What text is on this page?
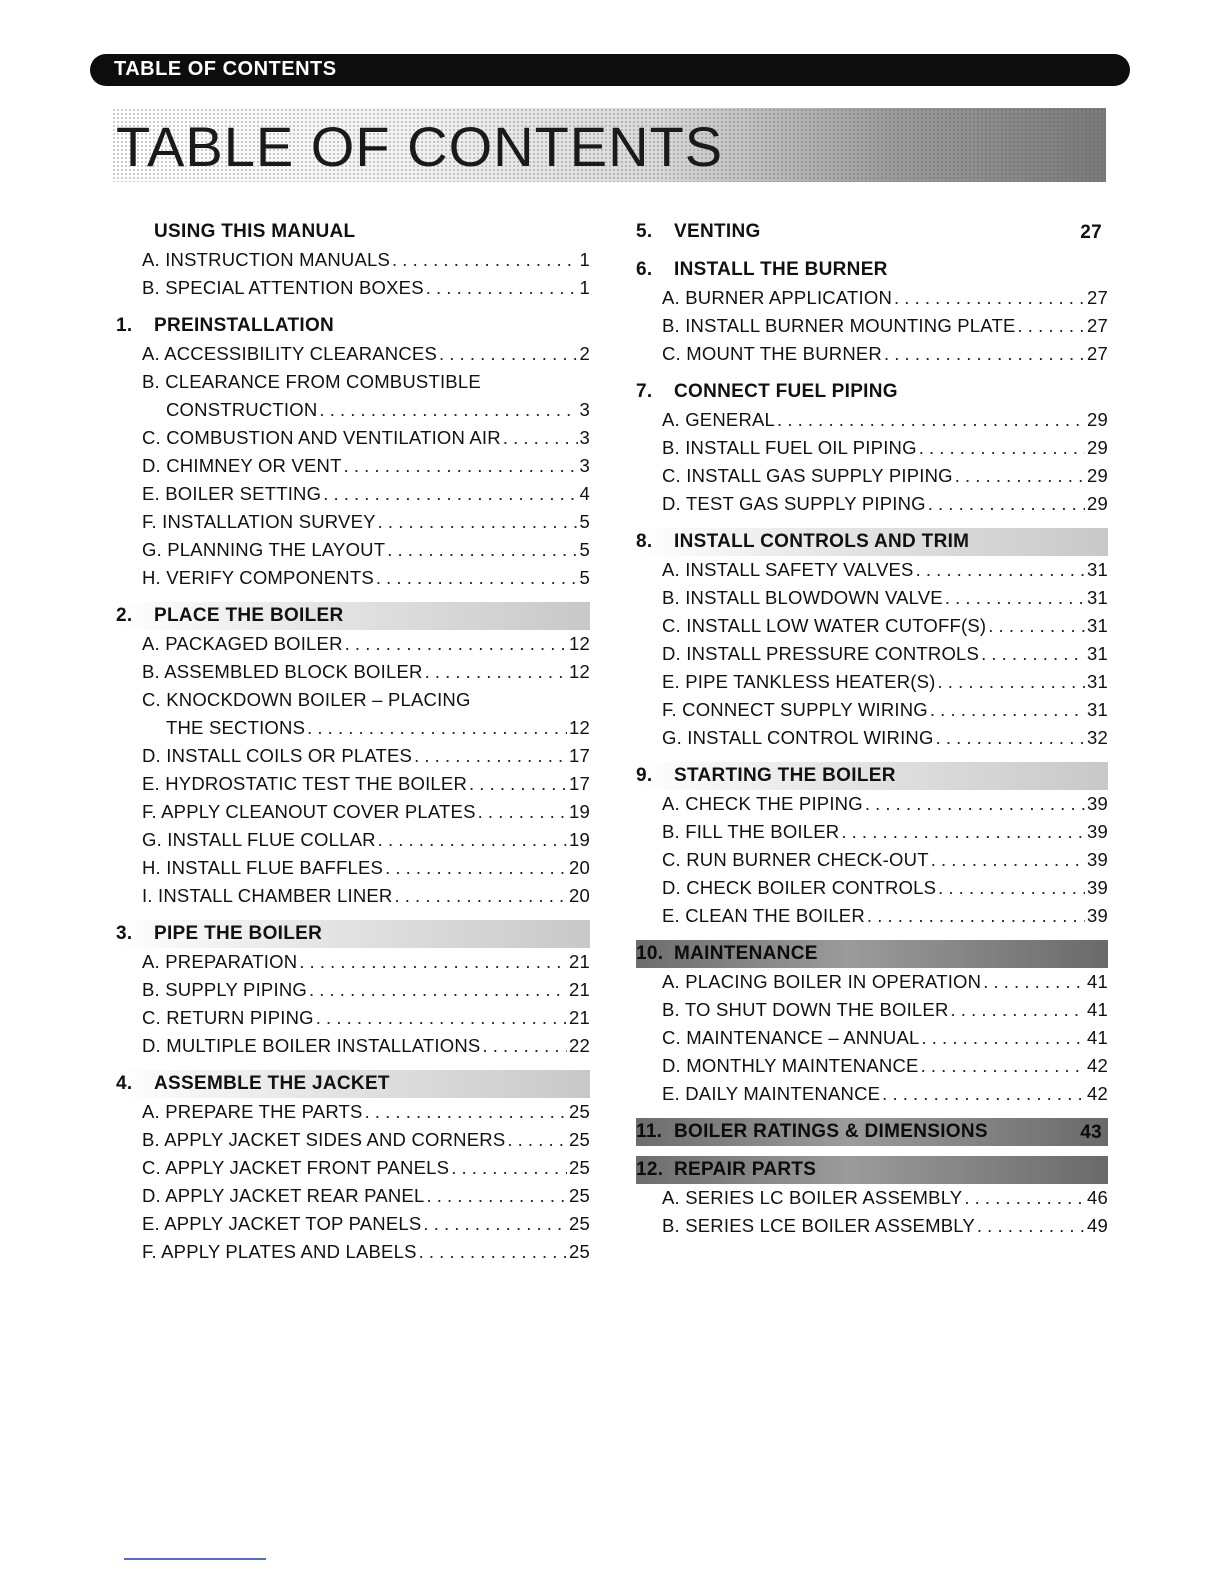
TABLE OF CONTENTS
TABLE OF CONTENTS
USING THIS MANUAL
A. INSTRUCTION MANUALS . . .	1
B. SPECIAL ATTENTION BOXES . . .	1
1.	PREINSTALLATION
A. ACCESSIBILITY CLEARANCES . . .	2
B. CLEARANCE FROM COMBUSTIBLE
CONSTRUCTION . . .	3
C. COMBUSTION AND VENTILATION AIR . . .	3
D. CHIMNEY OR VENT . . .	3
E. BOILER SETTING . . .	4
F. INSTALLATION SURVEY . . .	5
G. PLANNING THE LAYOUT . . .	5
H. VERIFY COMPONENTS . . .	5
2.	PLACE THE BOILER
A. PACKAGED BOILER . . .	12
B. ASSEMBLED BLOCK BOILER . . .	12
C. KNOCKDOWN BOILER – PLACING
THE SECTIONS . . .	12
D. INSTALL COILS OR PLATES . . .	17
E. HYDROSTATIC TEST THE BOILER . . .	17
F. APPLY CLEANOUT COVER PLATES . . .	19
G. INSTALL FLUE COLLAR . . .	19
H. INSTALL FLUE BAFFLES . . .	20
I. INSTALL CHAMBER LINER . . .	20
3.	PIPE THE BOILER
A. PREPARATION . . .	21
B. SUPPLY PIPING . . .	21
C. RETURN PIPING . . .	21
D. MULTIPLE BOILER INSTALLATIONS . . .	22
4.	ASSEMBLE THE JACKET
A. PREPARE THE PARTS . . .	25
B. APPLY JACKET SIDES AND CORNERS . . .	25
C. APPLY JACKET FRONT PANELS . . .	25
D. APPLY JACKET REAR PANEL . . .	25
E. APPLY JACKET TOP PANELS . . .	25
F. APPLY PLATES AND LABELS . . .	25
5.	VENTING	27
6.	INSTALL THE BURNER
A. BURNER APPLICATION . . .	27
B. INSTALL BURNER MOUNTING PLATE . . .	27
C. MOUNT THE BURNER . . .	27
7.	CONNECT FUEL PIPING
A. GENERAL . . .	29
B. INSTALL FUEL OIL PIPING . . .	29
C. INSTALL GAS SUPPLY PIPING . . .	29
D. TEST GAS SUPPLY PIPING . . .	29
8.	INSTALL CONTROLS AND TRIM
A. INSTALL SAFETY VALVES . . .	31
B. INSTALL BLOWDOWN VALVE . . .	31
C. INSTALL LOW WATER CUTOFF(S) . . .	31
D. INSTALL PRESSURE CONTROLS . . .	31
E. PIPE TANKLESS HEATER(S) . . .	31
F. CONNECT SUPPLY WIRING . . .	31
G. INSTALL CONTROL WIRING . . .	32
9.	STARTING THE BOILER
A. CHECK THE PIPING . . .	39
B. FILL THE BOILER . . .	39
C. RUN BURNER CHECK-OUT . . .	39
D. CHECK BOILER CONTROLS . . .	39
E. CLEAN THE BOILER . . .	39
10. MAINTENANCE
A. PLACING BOILER IN OPERATION . . .	41
B. TO SHUT DOWN THE BOILER . . .	41
C. MAINTENANCE – ANNUAL . . .	41
D. MONTHLY MAINTENANCE . . .	42
E. DAILY MAINTENANCE . . .	42
11. BOILER RATINGS & DIMENSIONS	43
12. REPAIR PARTS
A. SERIES LC BOILER ASSEMBLY . . .	46
B. SERIES LCE BOILER ASSEMBLY . . .	49
